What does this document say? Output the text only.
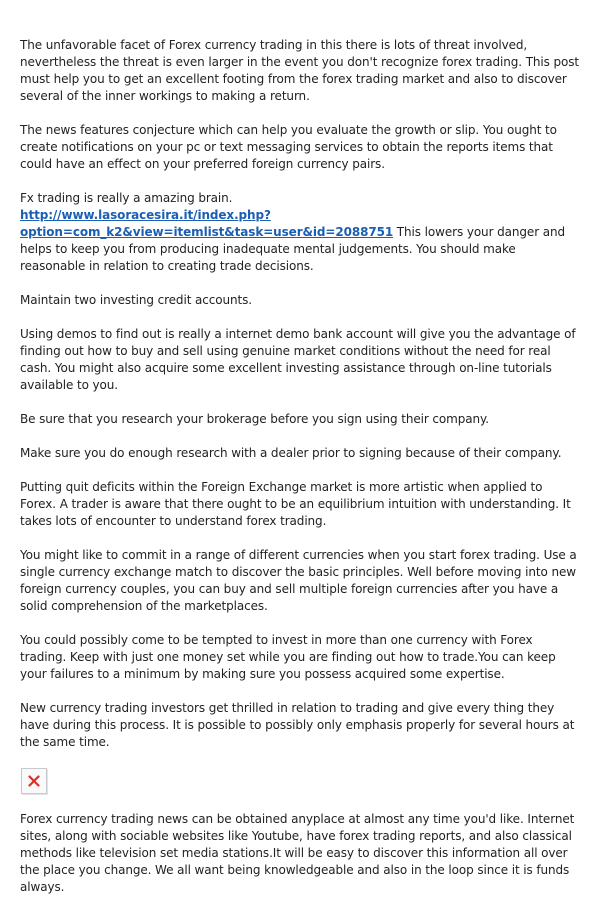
The unfavorable facet of Forex currency trading in this there is lots of threat involved, nevertheless the threat is even larger in the event you don't recognize forex trading. This post must help you to get an excellent footing from the forex trading market and also to discover several of the inner workings to making a return.

The news features conjecture which can help you evaluate the growth or slip. You ought to create notifications on your pc or text messaging services to obtain the reports items that could have an effect on your preferred foreign currency pairs.

Fx trading is really a amazing brain.
http://www.lasoracesira.it/index.php?option=com_k2&view=itemlist&task=user&id=2088751 This lowers your danger and helps to keep you from producing inadequate mental judgements. You should make reasonable in relation to creating trade decisions.

Maintain two investing credit accounts.

Using demos to find out is really a internet demo bank account will give you the advantage of finding out how to buy and sell using genuine market conditions without the need for real cash. You might also acquire some excellent investing assistance through on-line tutorials available to you.

Be sure that you research your brokerage before you sign using their company.

Make sure you do enough research with a dealer prior to signing because of their company.

Putting quit deficits within the Foreign Exchange market is more artistic when applied to Forex. A trader is aware that there ought to be an equilibrium intuition with understanding. It takes lots of encounter to understand forex trading.

You might like to commit in a range of different currencies when you start forex trading. Use a single currency exchange match to discover the basic principles. Well before moving into new foreign currency couples, you can buy and sell multiple foreign currencies after you have a solid comprehension of the marketplaces.

You could possibly come to be tempted to invest in more than one currency with Forex trading. Keep with just one money set while you are finding out how to trade.You can keep your failures to a minimum by making sure you possess acquired some expertise.

New currency trading investors get thrilled in relation to trading and give every thing they have during this process. It is possible to possibly only emphasis properly for several hours at the same time.

Forex currency trading news can be obtained anyplace at almost any time you'd like. Internet sites, along with sociable websites like Youtube, have forex trading reports, and also classical methods like television set media stations.It will be easy to discover this information all over the place you change. We all want being knowledgeable and also in the loop since it is funds always.
